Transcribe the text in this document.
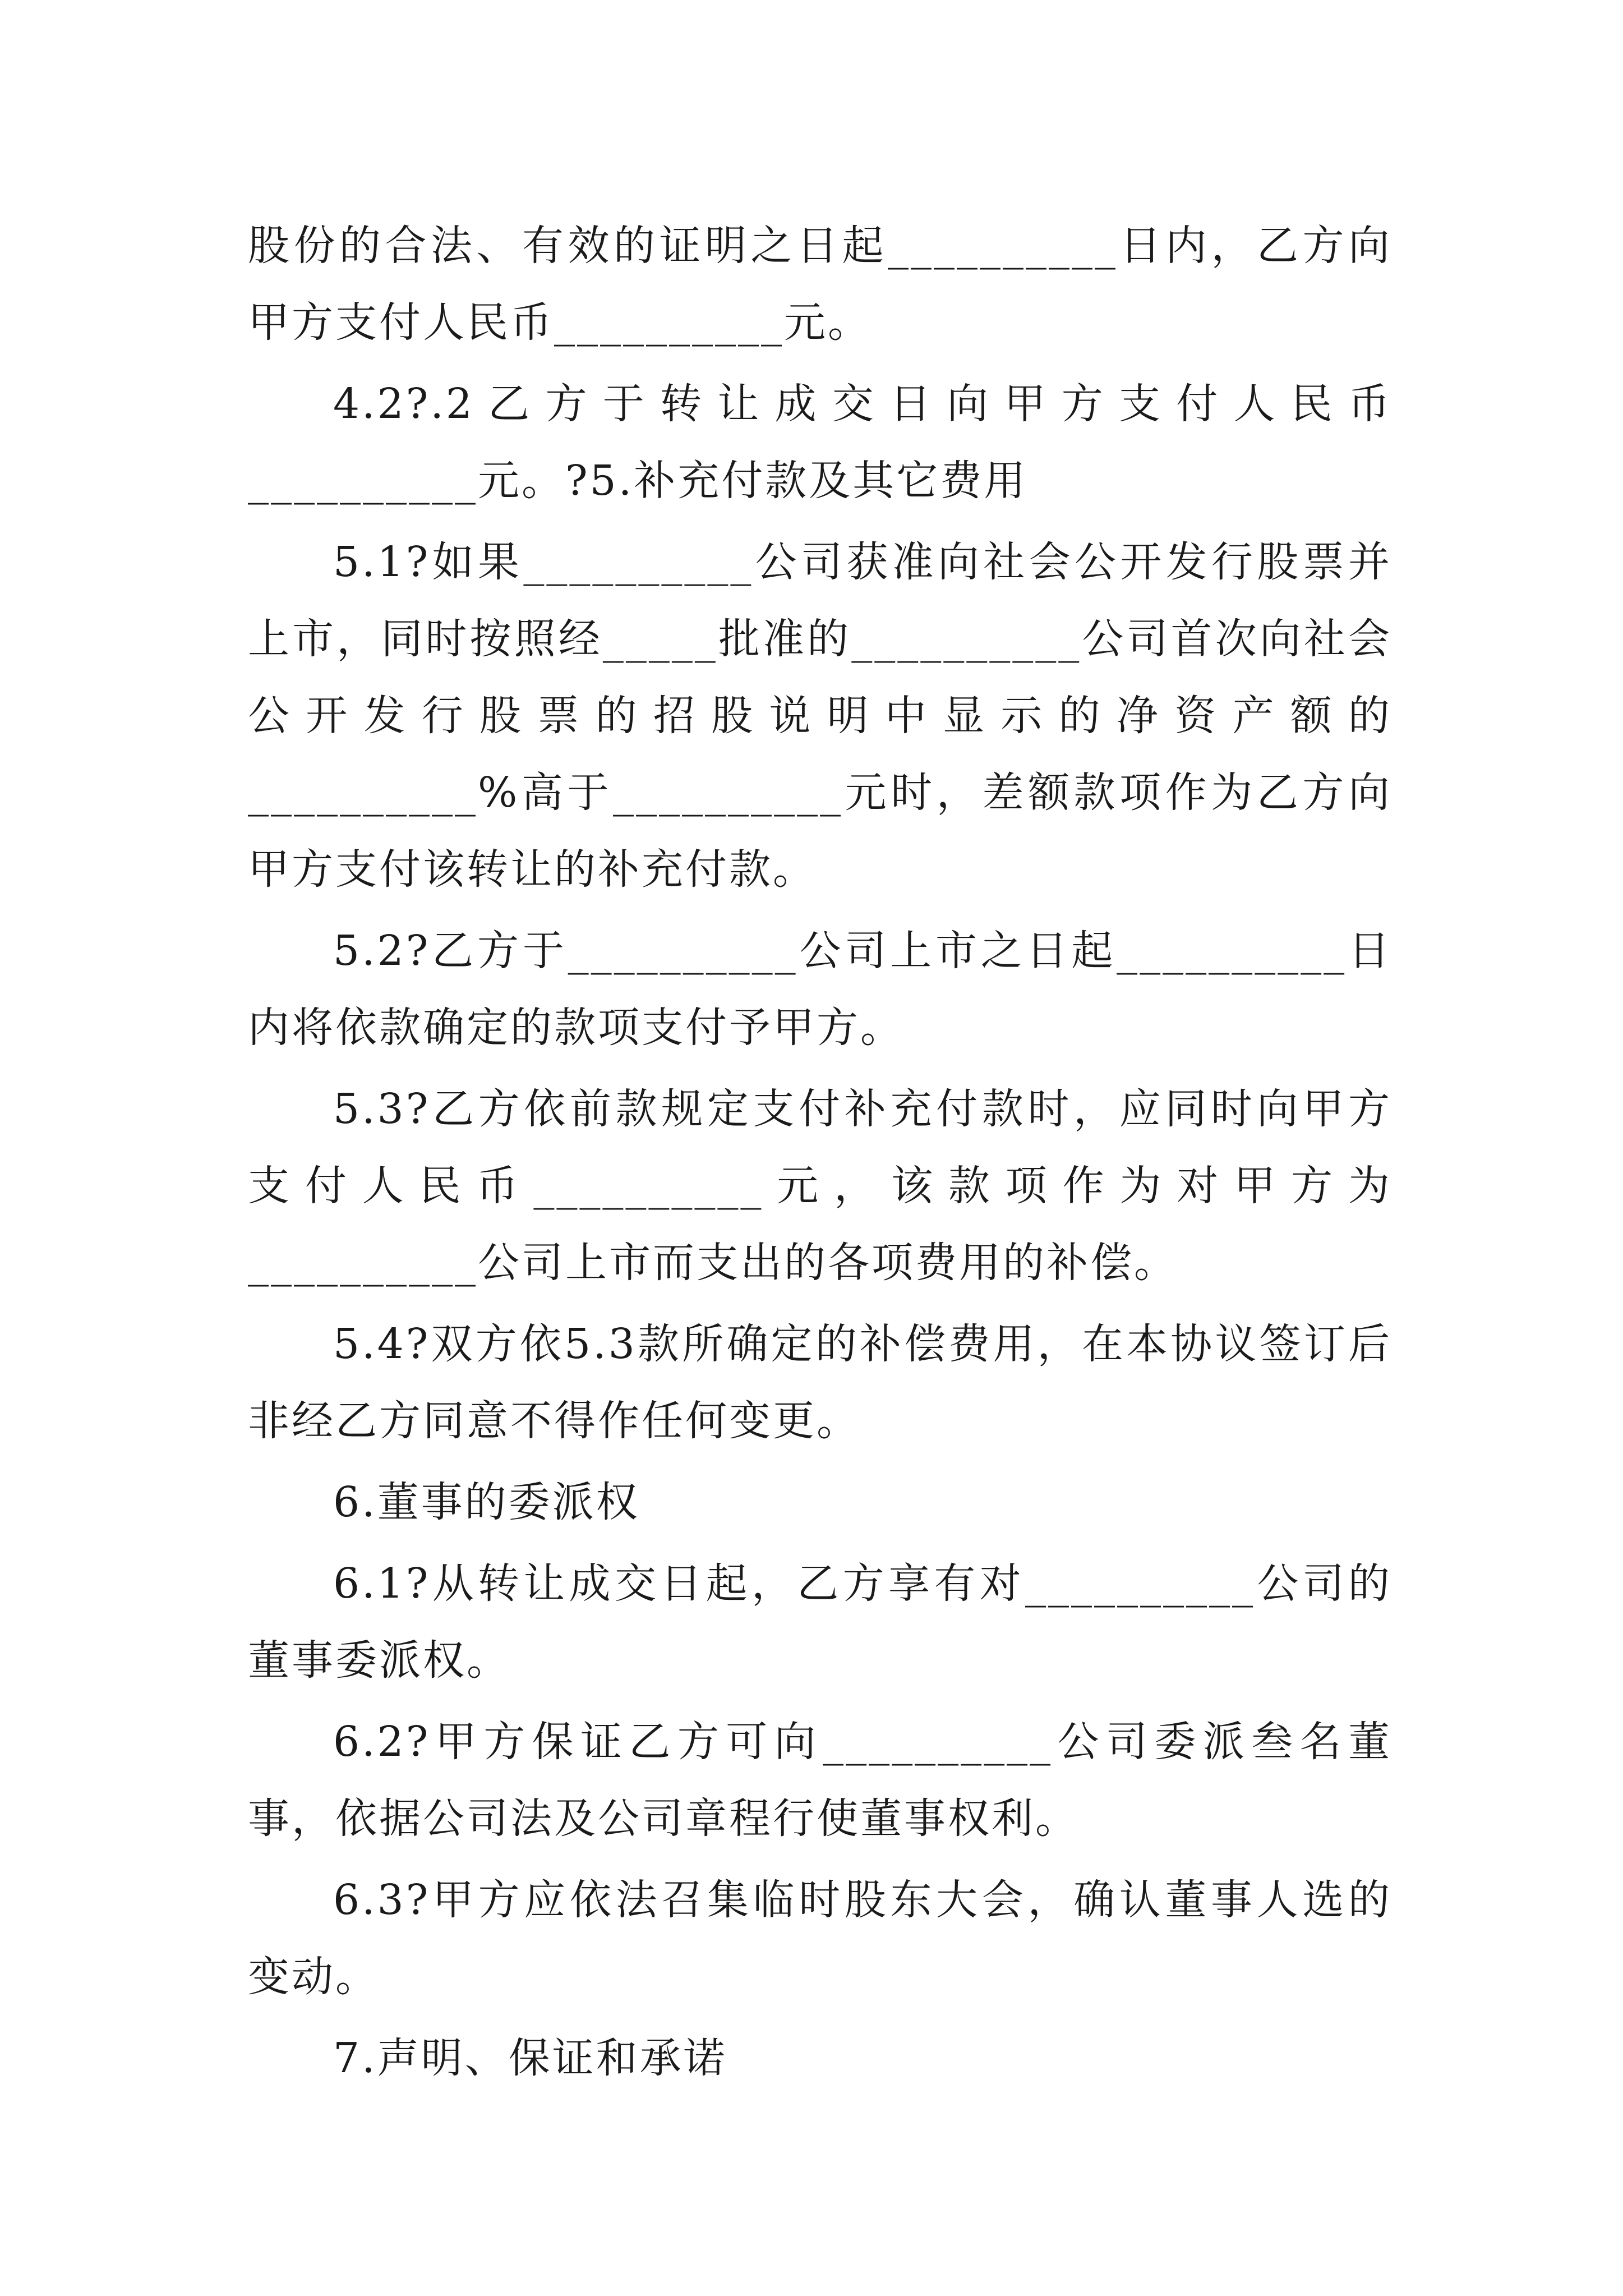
股份的合法、有效的证明之日起__________日内，乙方向甲方支付人民币__________元。

4.2?.2乙方于转让成交日向甲方支付人民币__________元。?5.补充付款及其它费用

5.1?如果__________公司获准向社会公开发行股票并上市，同时按照经_____批准的__________公司首次向社会公开发行股票的招股说明中显示的净资产额的__________%高于__________元时，差额款项作为乙方向甲方支付该转让的补充付款。

5.2?乙方于__________公司上市之日起__________日内将依款确定的款项支付予甲方。

5.3?乙方依前款规定支付补充付款时，应同时向甲方支付人民币__________元，该款项作为对甲方为__________公司上市而支出的各项费用的补偿。

5.4?双方依5.3款所确定的补偿费用，在本协议签订后非经乙方同意不得作任何变更。

6.董事的委派权

6.1?从转让成交日起，乙方享有对__________公司的董事委派权。

6.2?甲方保证乙方可向__________公司委派叁名董事，依据公司法及公司章程行使董事权利。

6.3?甲方应依法召集临时股东大会，确认董事人选的变动。

7.声明、保证和承诺
